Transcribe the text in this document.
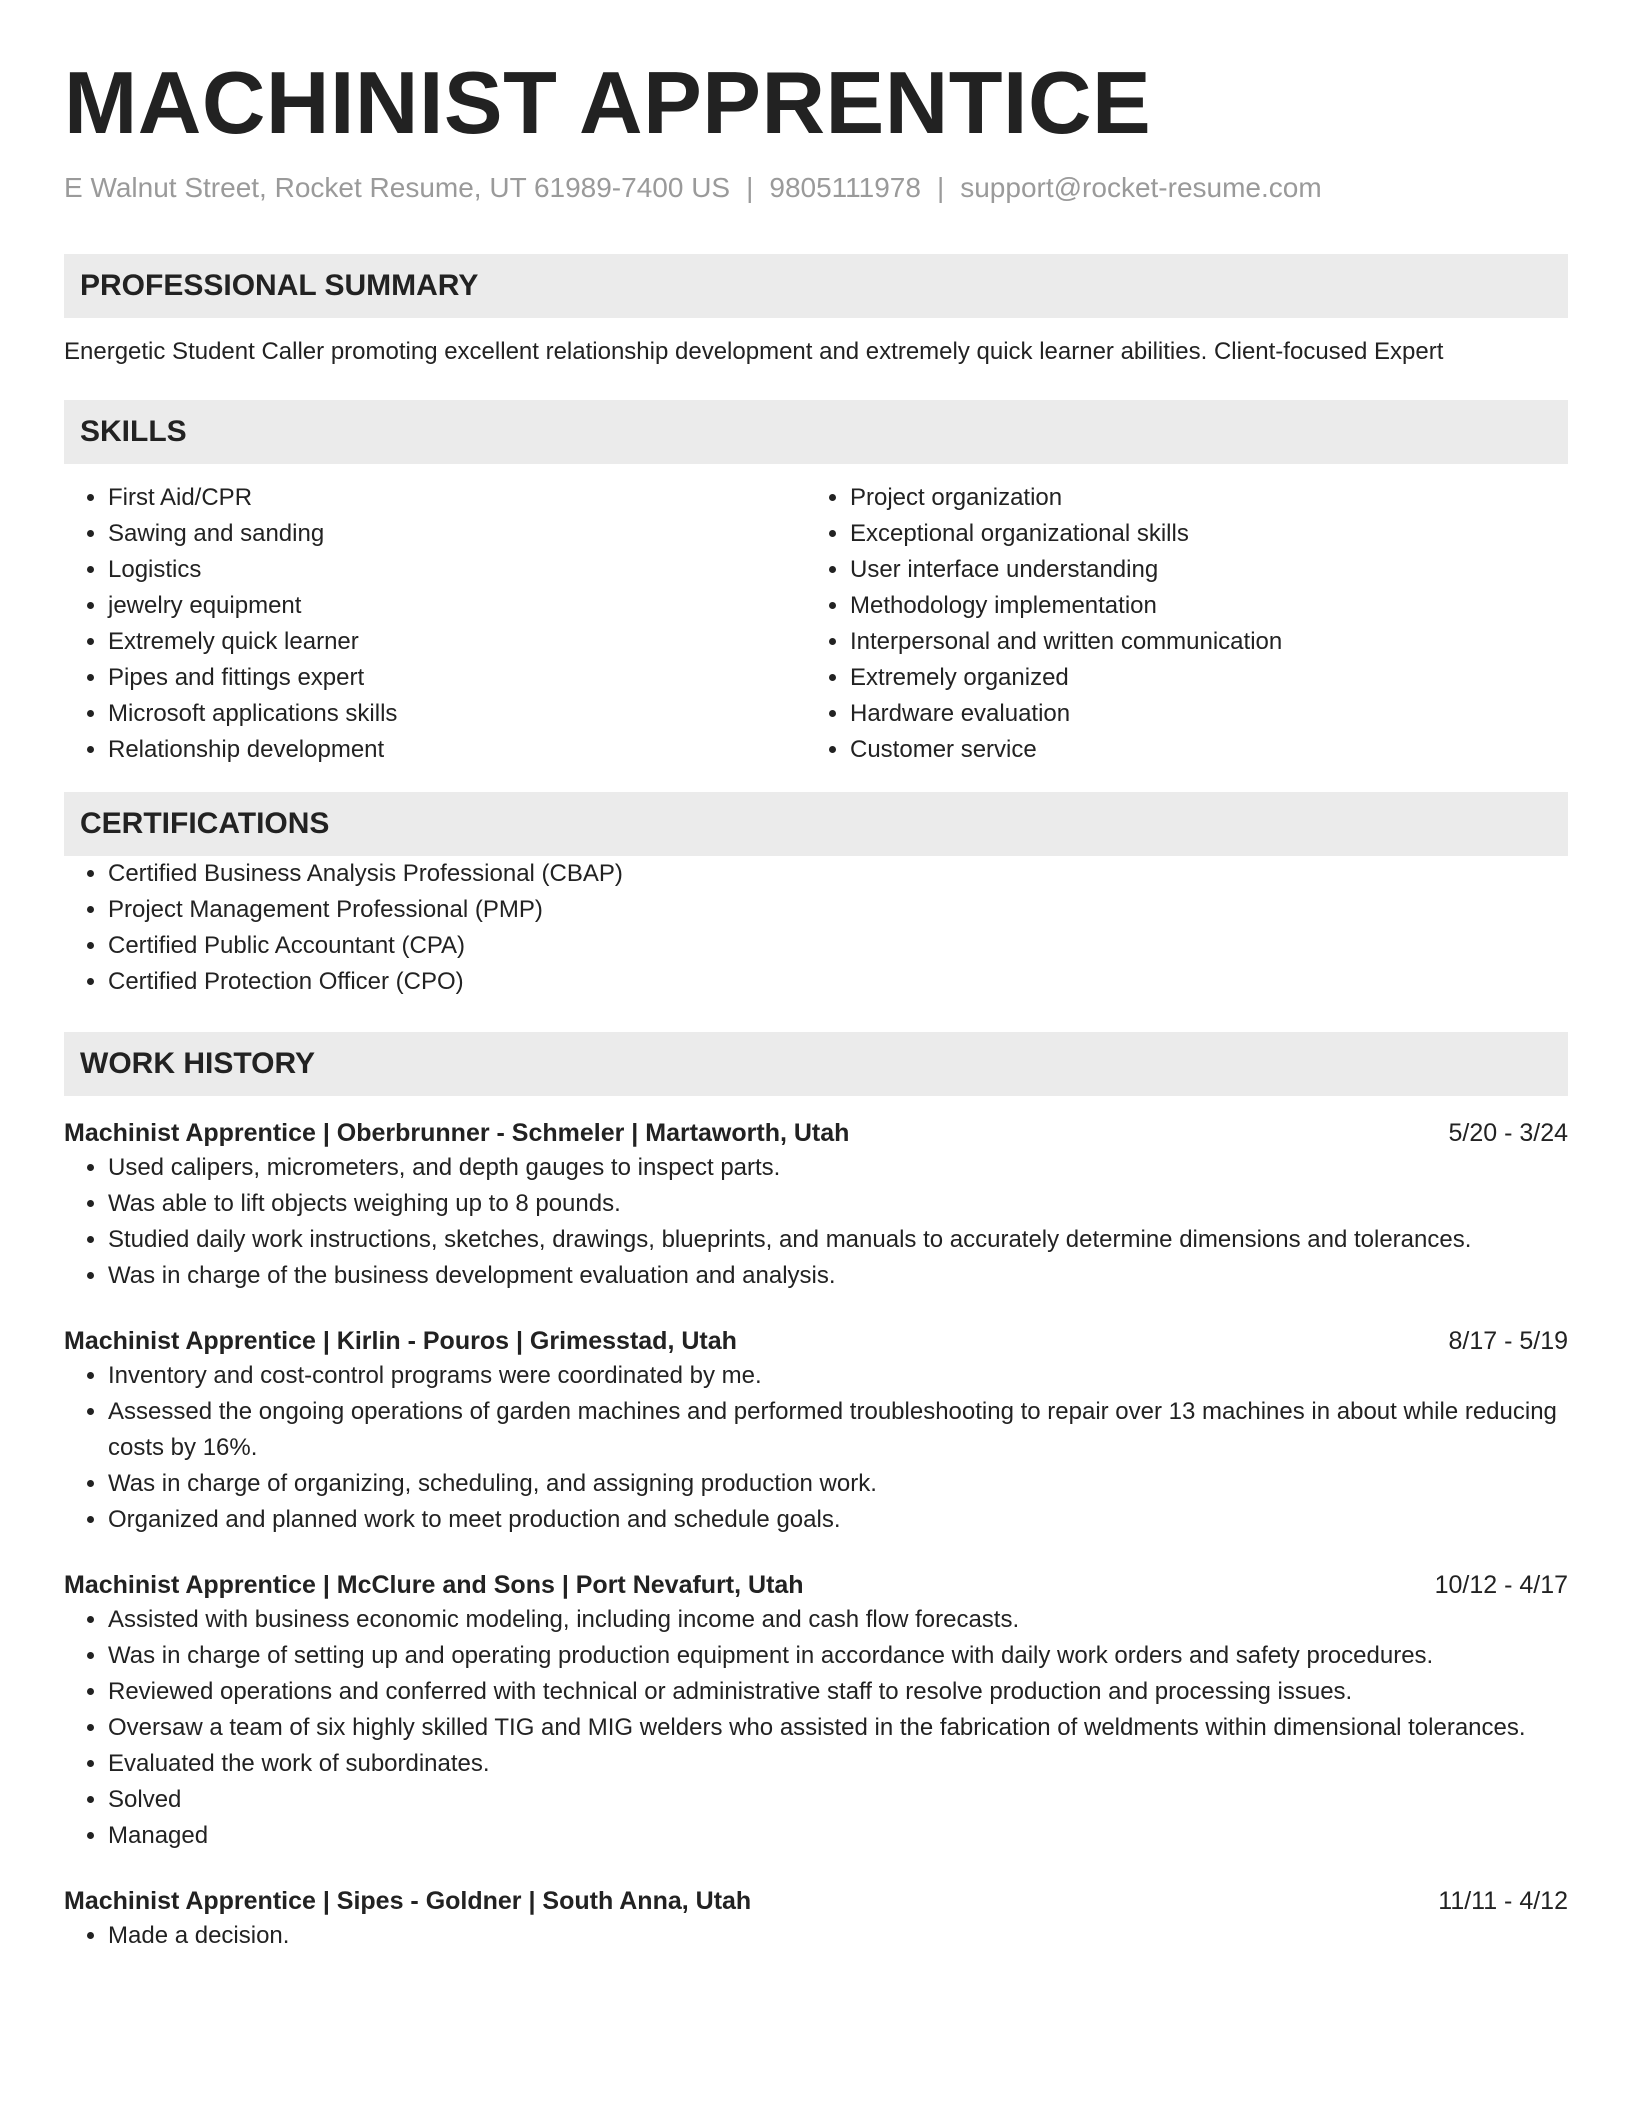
MACHINIST APPRENTICE
E Walnut Street, Rocket Resume, UT 61989-7400 US | 9805111978 | support@rocket-resume.com
PROFESSIONAL SUMMARY
Energetic Student Caller promoting excellent relationship development and extremely quick learner abilities. Client-focused Expert
SKILLS
• First Aid/CPR
• Sawing and sanding
• Logistics
• jewelry equipment
• Extremely quick learner
• Pipes and fittings expert
• Microsoft applications skills
• Relationship development
• Project organization
• Exceptional organizational skills
• User interface understanding
• Methodology implementation
• Interpersonal and written communication
• Extremely organized
• Hardware evaluation
• Customer service
CERTIFICATIONS
• Certified Business Analysis Professional (CBAP)
• Project Management Professional (PMP)
• Certified Public Accountant (CPA)
• Certified Protection Officer (CPO)
WORK HISTORY
Machinist Apprentice | Oberbrunner - Schmeler | Martaworth, Utah	5/20 - 3/24
• Used calipers, micrometers, and depth gauges to inspect parts.
• Was able to lift objects weighing up to 8 pounds.
• Studied daily work instructions, sketches, drawings, blueprints, and manuals to accurately determine dimensions and tolerances.
• Was in charge of the business development evaluation and analysis.
Machinist Apprentice | Kirlin - Pouros | Grimesstad, Utah	8/17 - 5/19
• Inventory and cost-control programs were coordinated by me.
• Assessed the ongoing operations of garden machines and performed troubleshooting to repair over 13 machines in about while reducing costs by 16%.
• Was in charge of organizing, scheduling, and assigning production work.
• Organized and planned work to meet production and schedule goals.
Machinist Apprentice | McClure and Sons | Port Nevafurt, Utah	10/12 - 4/17
• Assisted with business economic modeling, including income and cash flow forecasts.
• Was in charge of setting up and operating production equipment in accordance with daily work orders and safety procedures.
• Reviewed operations and conferred with technical or administrative staff to resolve production and processing issues.
• Oversaw a team of six highly skilled TIG and MIG welders who assisted in the fabrication of weldments within dimensional tolerances.
• Evaluated the work of subordinates.
• Solved
• Managed
Machinist Apprentice | Sipes - Goldner | South Anna, Utah	11/11 - 4/12
• Made a decision.
